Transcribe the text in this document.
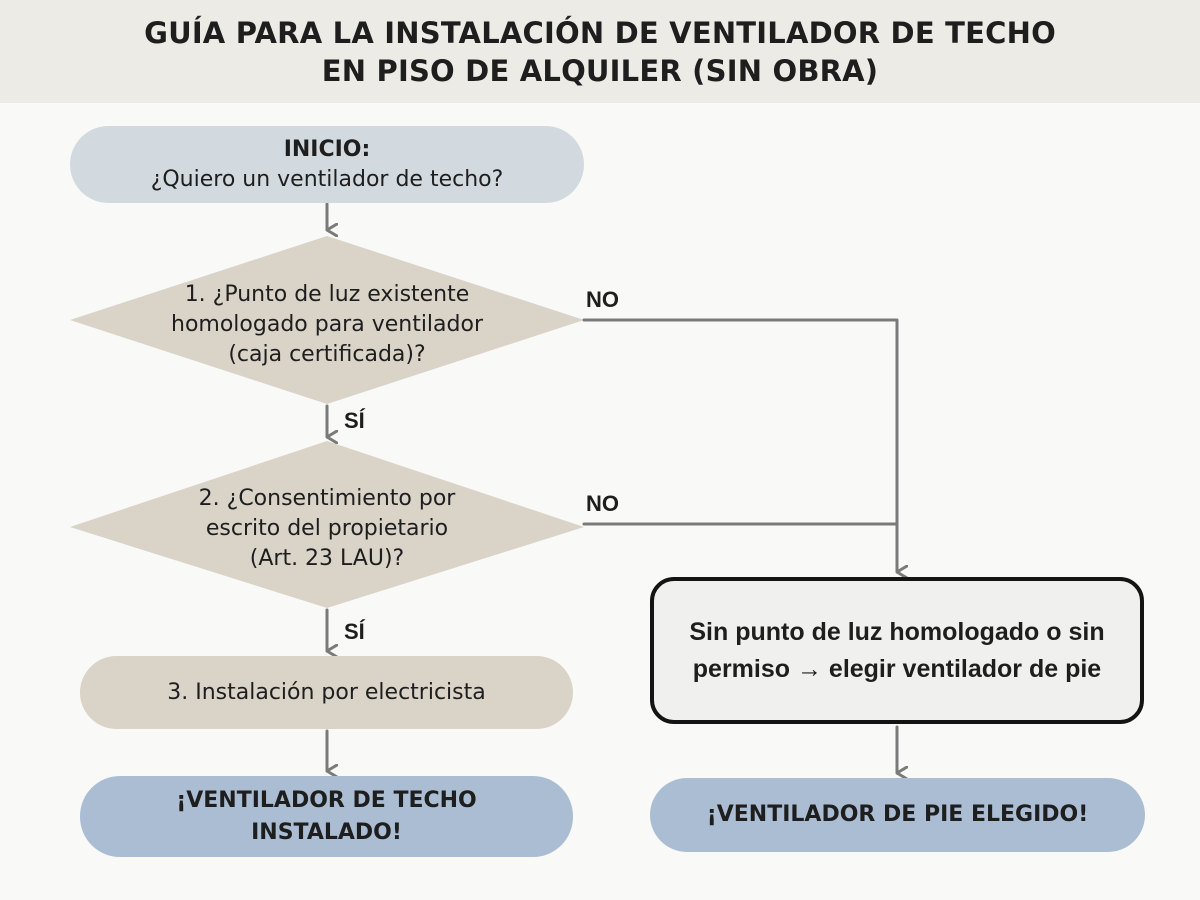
GUÍA PARA LA INSTALACIÓN DE VENTILADOR DE TECHO
EN PISO DE ALQUILER (SIN OBRA)
INICIO:
¿Quiero un ventilador de techo?
1. ¿Punto de luz existente
homologado para ventilador
(caja certificada)?
2. ¿Consentimiento por
escrito del propietario
(Art. 23 LAU)?
NO
SÍ
NO
SÍ
3. Instalación por electricista
¡VENTILADOR DE TECHO
INSTALADO!
Sin punto de luz homologado o sin
permiso → elegir ventilador de pie
¡VENTILADOR DE PIE ELEGIDO!
